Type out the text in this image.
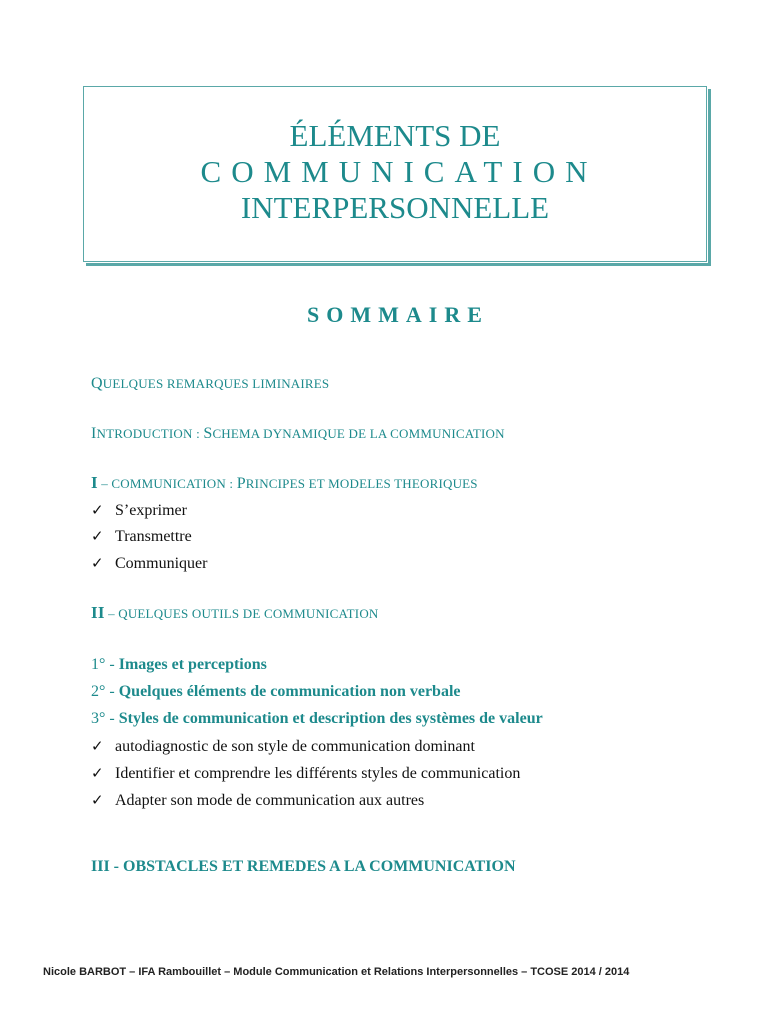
ÉLÉMENTS DE
COMMUNICATION
INTERPERSONNELLE
SOMMAIRE
QUELQUES REMARQUES LIMINAIRES
INTRODUCTION : SCHEMA DYNAMIQUE DE LA COMMUNICATION
I – COMMUNICATION : PRINCIPES ET MODELES THEORIQUES
✓ S’exprimer
✓ Transmettre
✓ Communiquer
II – QUELQUES OUTILS DE COMMUNICATION
1° - Images et perceptions
2° - Quelques éléments de communication non verbale
3° - Styles de communication et description des systèmes de valeur
✓ autodiagnostic de son style de communication dominant
✓ Identifier et comprendre les différents styles de communication
✓ Adapter son mode de communication aux autres
III - OBSTACLES ET REMEDES A LA COMMUNICATION
Nicole BARBOT – IFA Rambouillet – Module Communication et Relations Interpersonnelles – TCOSE 2014 / 2014
